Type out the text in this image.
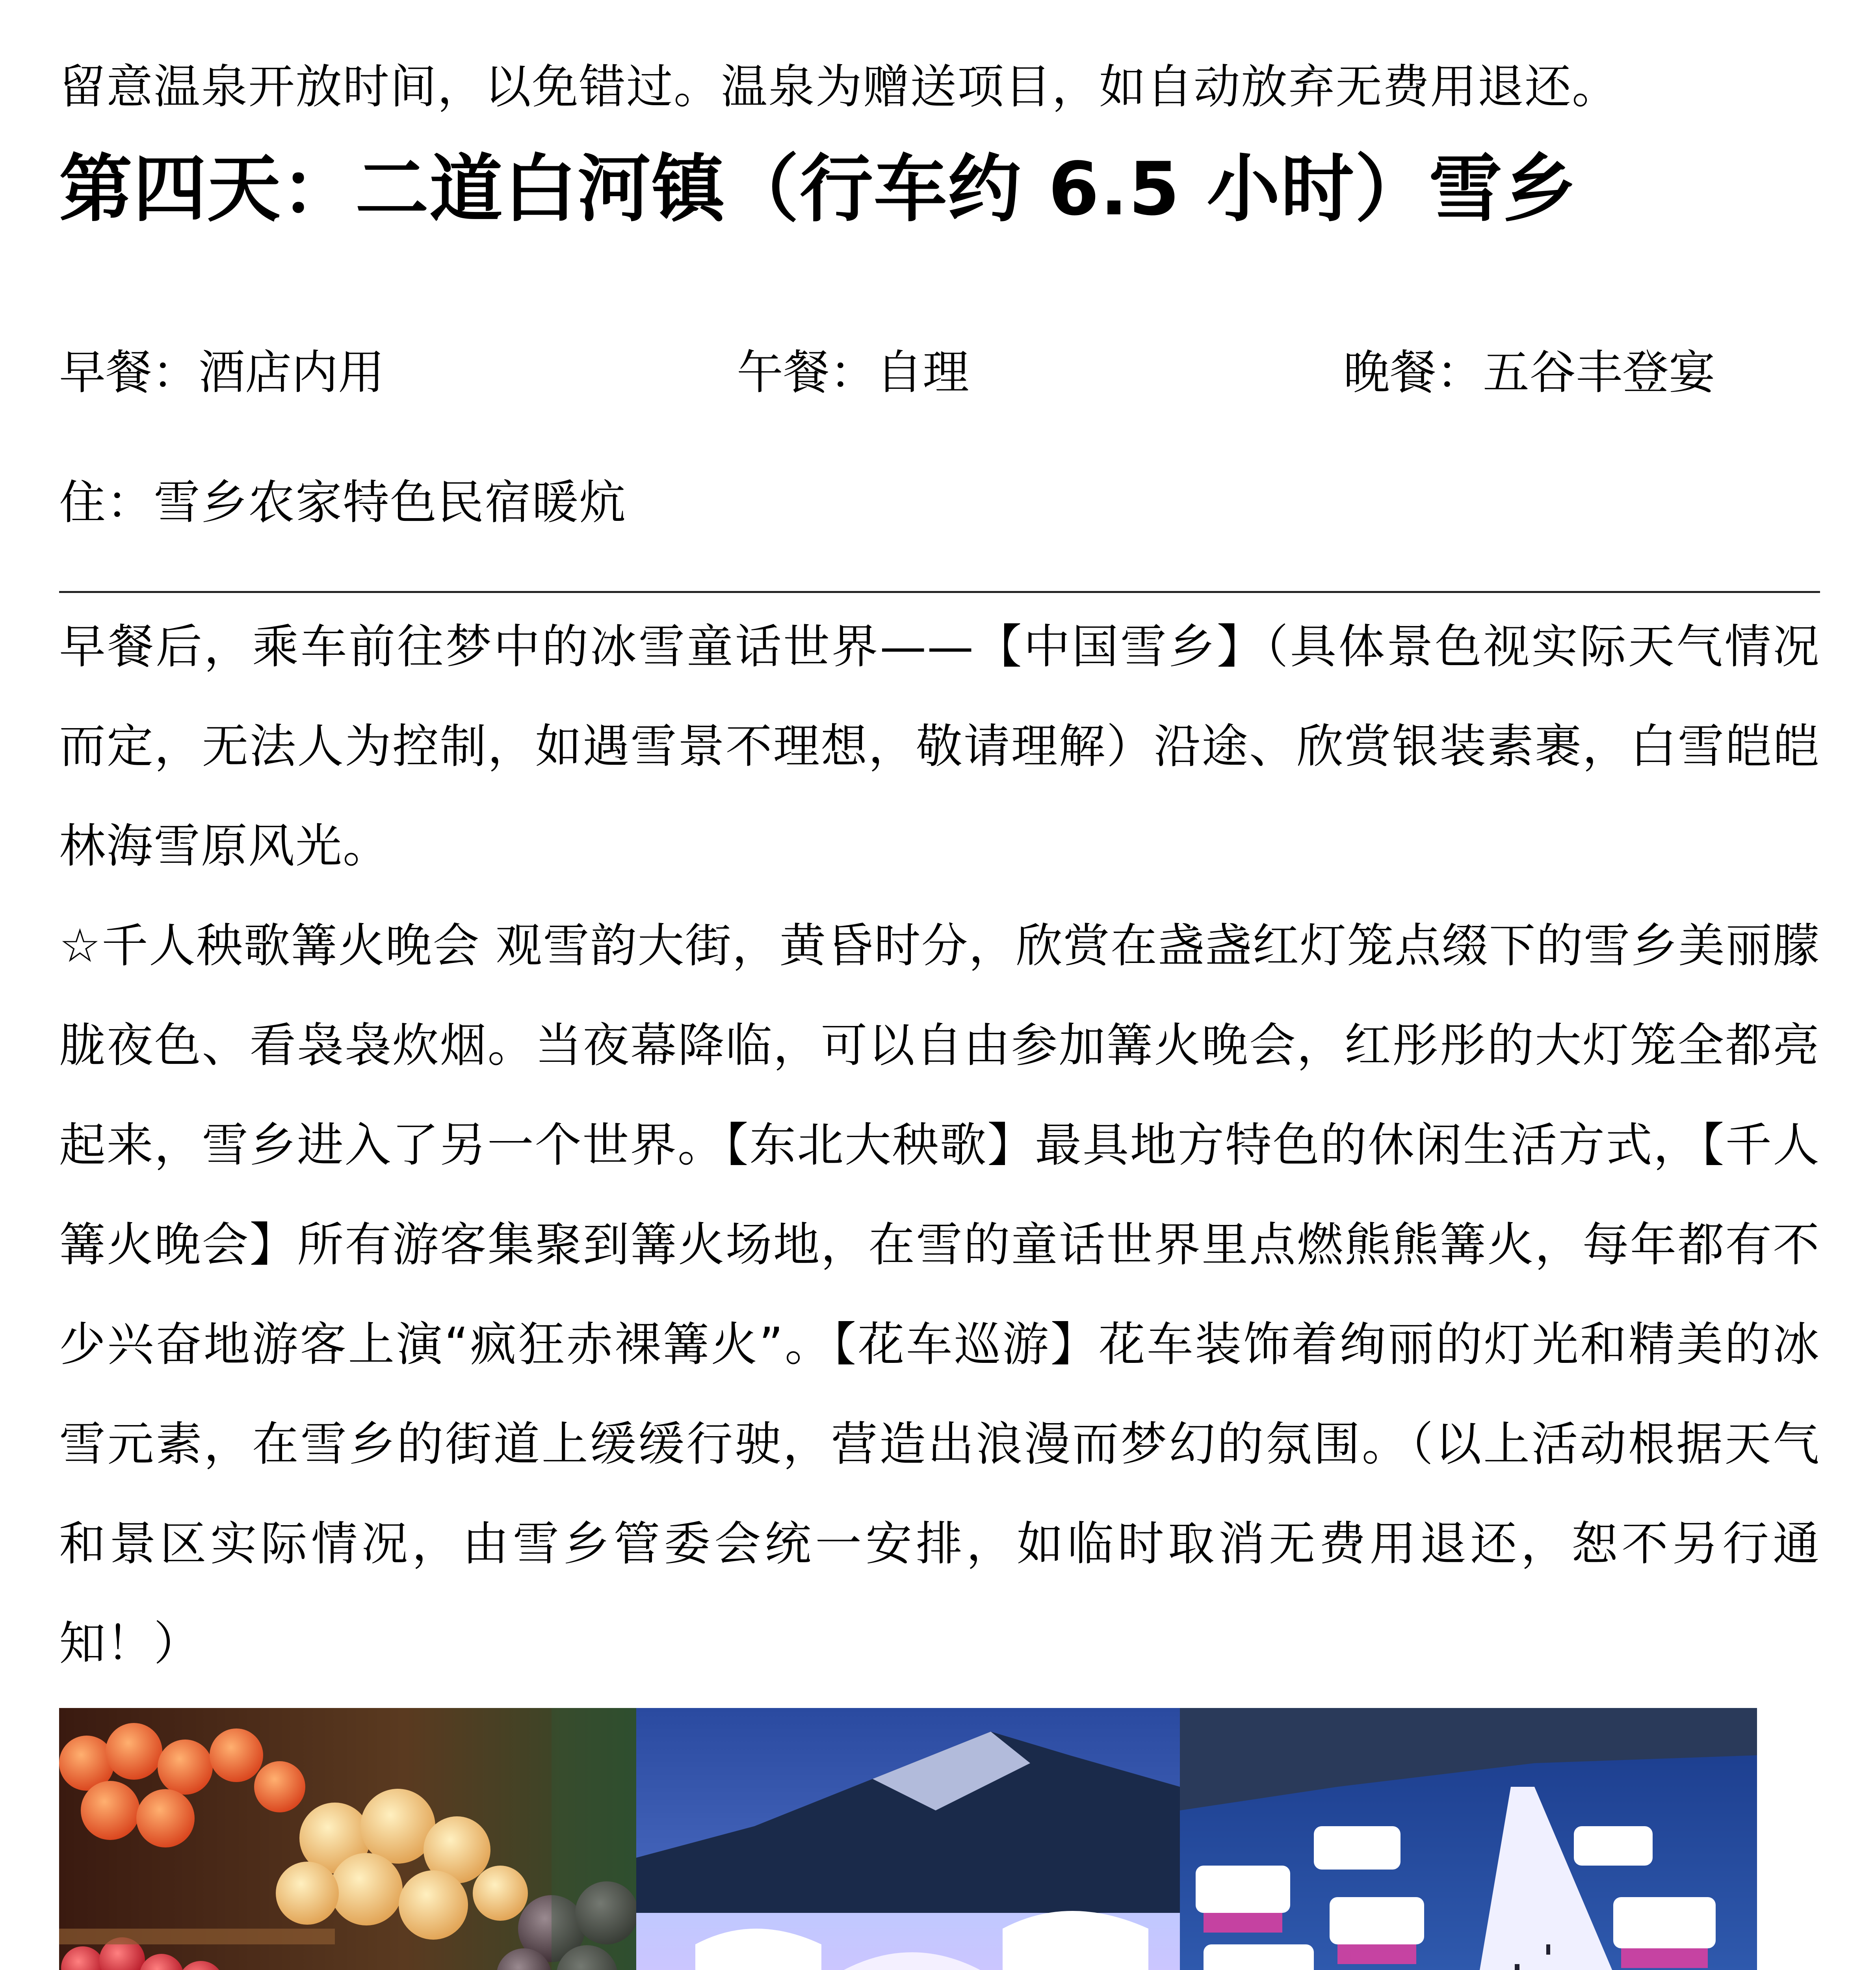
留意温泉开放时间，以免错过。温泉为赠送项目，如自动放弃无费用退还。
第四天：二道白河镇（行车约 6.5 小时）雪乡
早餐：酒店内用	午餐：自理	晚餐：五谷丰登宴
住：雪乡农家特色民宿暖炕

早餐后，乘车前往梦中的冰雪童话世界——【中国雪乡】（具体景色视实际天气情况而定，无法人为控制，如遇雪景不理想，敬请理解）沿途、欣赏银装素裹，白雪皑皑林海雪原风光。

☆千人秧歌篝火晚会 观雪韵大街，黄昏时分，欣赏在盏盏红灯笼点缀下的雪乡美丽朦胧夜色、看袅袅炊烟。当夜幕降临，可以自由参加篝火晚会，红彤彤的大灯笼全都亮起来，雪乡进入了另一个世界。【东北大秧歌】最具地方特色的休闲生活方式，【千人篝火晚会】所有游客集聚到篝火场地，在雪的童话世界里点燃熊熊篝火，每年都有不少兴奋地游客上演“疯狂赤裸篝火”。【花车巡游】花车装饰着绚丽的灯光和精美的冰雪元素，在雪乡的街道上缓缓行驶，营造出浪漫而梦幻的氛围。（以上活动根据天气和景区实际情况，由雪乡管委会统一安排，如临时取消无费用退还，恕不另行通知！）
